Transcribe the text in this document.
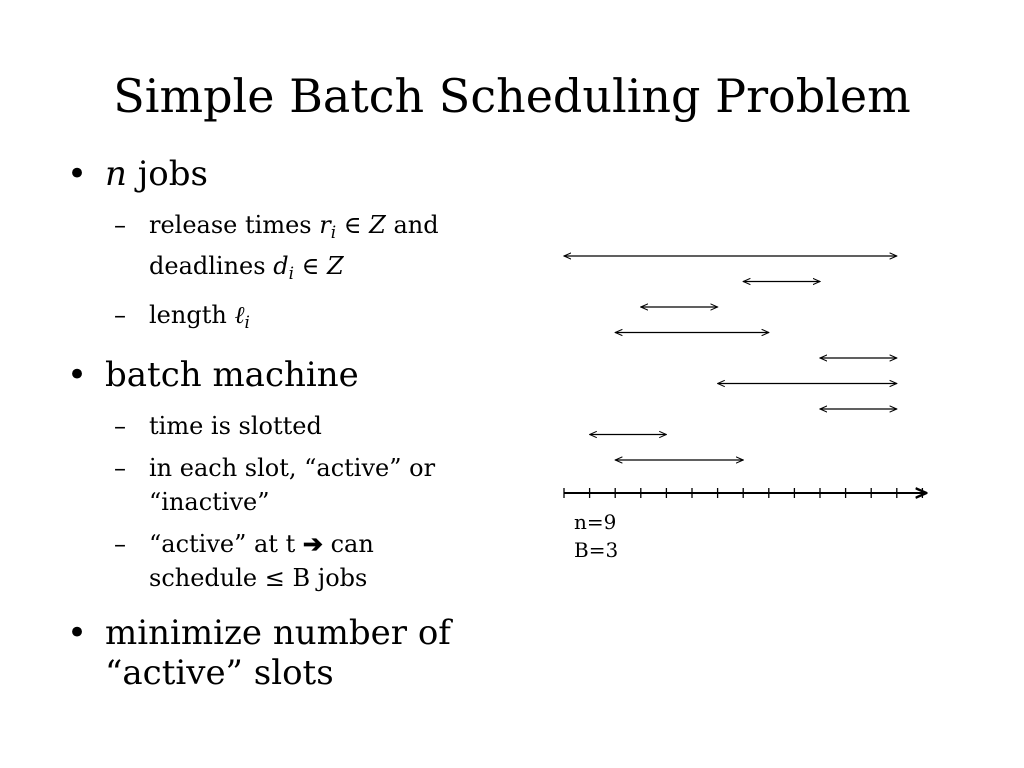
Simple Batch Scheduling Problem
• n jobs
– release times $r_i$ ∈ Z and
deadlines $d_i$ ∈ Z
– length ℓ$_i$
• batch machine
– time is slotted
– in each slot, “active” or
“inactive”
– “active” at t ➔ can
schedule ≤ B jobs
• minimize number of
“active” slots
n=9
B=3
